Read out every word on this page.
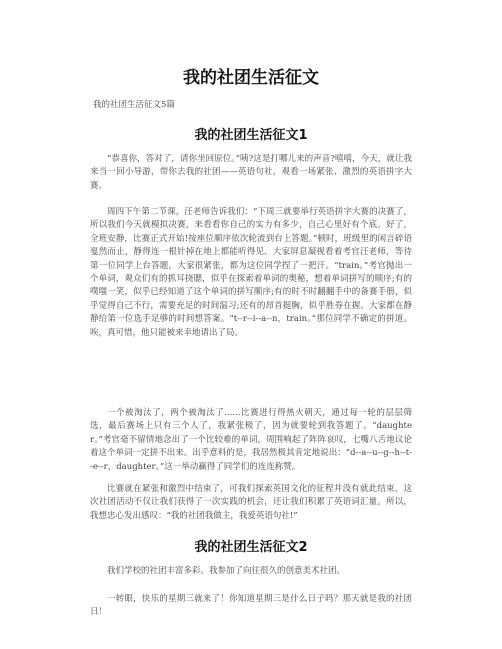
我的社团生活征文

我的社团生活征文5篇

我的社团生活征文1

“恭喜你，答对了，请你坐回原位。”咦?这是打哪儿来的声音?嘻嘻，今天，就让我来当一回小导游，带你去我的社团——英语句社，观看一场紧张、激烈的英语拼字大赛。

周四下午第二节课，汪老师告诉我们：“下周三就要举行英语拼字大赛的决赛了，所以我们今天就模拟决赛，来看看你自己的实力有多少，自己心里好有个底。好了，全班安静，比赛正式开始!按座位顺序依次轮流到台上答题。”顿时，班级里的闲言碎语戛然而止，静得连一根针掉在地上都能听得见。大家屏息凝视看着考官汪老师，等待第一位同学上台答题，大家很紧张，都为这位同学捏了一把汗。“train。”考官抛出一个单词，观众们有的抓耳挠腮，似乎在探索着单词的奥秘，想着单词拼写的顺序;有的噗嗤一笑，似乎已经知道了这个单词的拼写顺序;有的时不时翻翻手中的备赛手册，似乎觉得自己不行，需要充足的时间温习;还有的昂首挺胸，似乎胜券在握。大家都在静静给第一位选手足够的时间想答案。“t--r--i--a--n，train。”那位同学不确定的拼道。唉，真可惜，他只能被来幸地请出了局。

一个被淘汰了，两个被淘汰了......比赛进行得热火朝天，通过每一轮的层层筛选，最后赛场上只有三个人了，我紧张极了，因为就要轮到我答题了。“daughter。”考官毫不留情地念出了一个比较难的单词，周围响起了阵阵哀叹，七嘴八舌地议论着这个单词一定拼不出来。出乎意料的是，我居然极其肯定地说出：“d--a--u--g--h--t--e--r，daughter。”这一举动赢得了同学们的连连称赞。

比赛就在紧张和激烈中结束了，可我们探索英国文化的征程并没有就此结束，这次社团活动不仅让我们获得了一次实践的机会，还让我们积累了英语词汇量。所以，我想忠心发出感叹：“我的社团我做主，我爱英语句社!”

我的社团生活征文2

我们学校的社团丰富多彩。我参加了向往很久的创意美术社团。

一转眼，快乐的星期三就来了！你知道星期三是什么日子吗？那天就是我的社团日！
